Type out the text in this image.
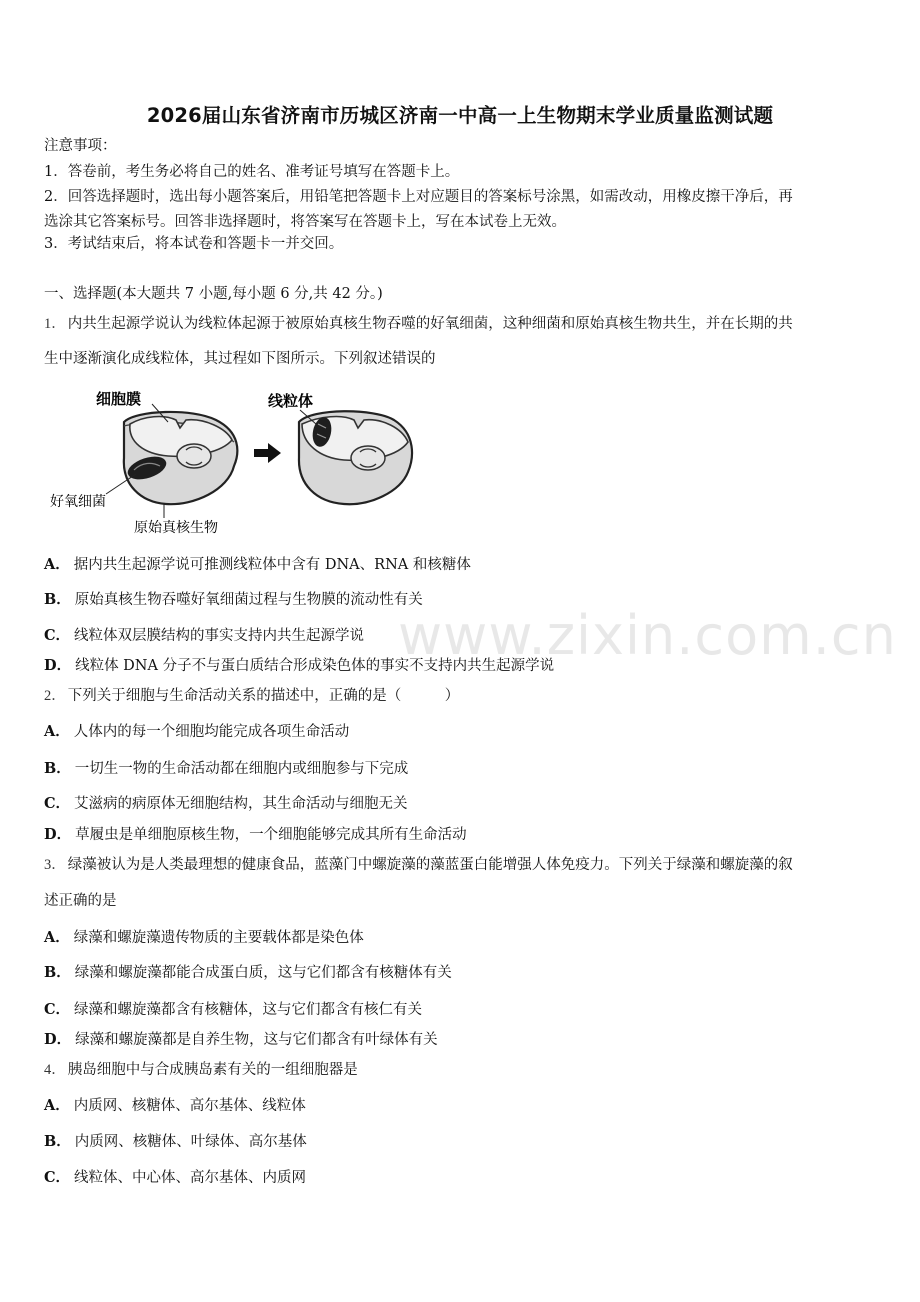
2026届山东省济南市历城区济南一中高一上生物期末学业质量监测试题
注意事项：
1．答卷前，考生务必将自己的姓名、准考证号填写在答题卡上。
2．回答选择题时，选出每小题答案后，用铅笔把答题卡上对应题目的答案标号涂黑，如需改动，用橡皮擦干净后，再
选涂其它答案标号。回答非选择题时，将答案写在答题卡上，写在本试卷上无效。
3．考试结束后，将本试卷和答题卡一并交回。
一、选择题(本大题共 7 小题,每小题 6 分,共 42 分。)
1． 内共生起源学说认为线粒体起源于被原始真核生物吞噬的好氧细菌，这种细菌和原始真核生物共生，并在长期的共
生中逐渐演化成线粒体，其过程如下图所示。下列叙述错误的
细胞膜	线粒体
好氧细菌
原始真核生物
A． 据内共生起源学说可推测线粒体中含有 DNA、RNA 和核糖体
B． 原始真核生物吞噬好氧细菌过程与生物膜的流动性有关
C． 线粒体双层膜结构的事实支持内共生起源学说
D． 线粒体 DNA 分子不与蛋白质结合形成染色体的事实不支持内共生起源学说
www.zixin.com.cn
2． 下列关于细胞与生命活动关系的描述中，正确的是（　　　）
A． 人体内的每一个细胞均能完成各项生命活动
B． 一切生一物的生命活动都在细胞内或细胞参与下完成
C． 艾滋病的病原体无细胞结构，其生命活动与细胞无关
D． 草履虫是单细胞原核生物，一个细胞能够完成其所有生命活动
3． 绿藻被认为是人类最理想的健康食品，蓝藻门中螺旋藻的藻蓝蛋白能增强人体免疫力。下列关于绿藻和螺旋藻的叙
述正确的是
A． 绿藻和螺旋藻遗传物质的主要载体都是染色体
B． 绿藻和螺旋藻都能合成蛋白质，这与它们都含有核糖体有关
C． 绿藻和螺旋藻都含有核糖体，这与它们都含有核仁有关
D． 绿藻和螺旋藻都是自养生物，这与它们都含有叶绿体有关
4． 胰岛细胞中与合成胰岛素有关的一组细胞器是
A． 内质网、核糖体、高尔基体、线粒体
B． 内质网、核糖体、叶绿体、高尔基体
C． 线粒体、中心体、高尔基体、内质网
